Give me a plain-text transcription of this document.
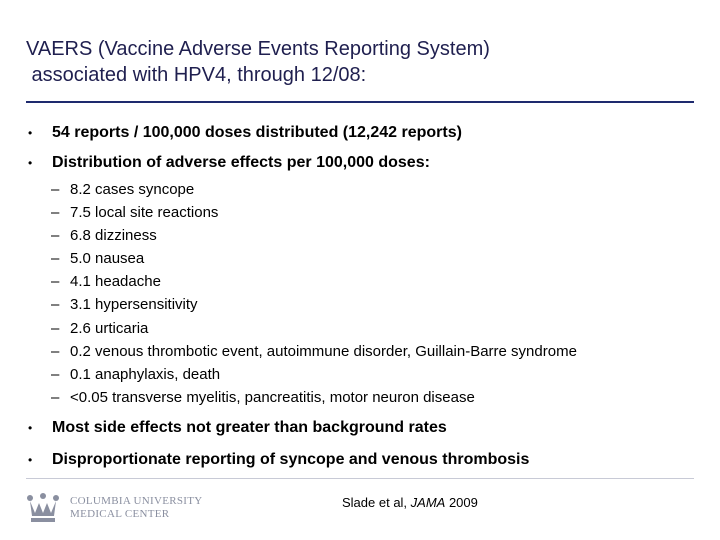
VAERS (Vaccine Adverse Events Reporting System)
associated with HPV4, through 12/08:
• 54 reports / 100,000 doses distributed (12,242 reports)
• Distribution of adverse effects per 100,000 doses:
– 8.2 cases syncope
– 7.5 local site reactions
– 6.8 dizziness
– 5.0 nausea
– 4.1 headache
– 3.1 hypersensitivity
– 2.6 urticaria
– 0.2 venous thrombotic event, autoimmune disorder, Guillain-Barre syndrome
– 0.1 anaphylaxis, death
– <0.05 transverse myelitis, pancreatitis, motor neuron disease
• Most side effects not greater than background rates
• Disproportionate reporting of syncope and venous thrombosis
COLUMBIA UNIVERSITY
MEDICAL CENTER
Slade et al, JAMA 2009
